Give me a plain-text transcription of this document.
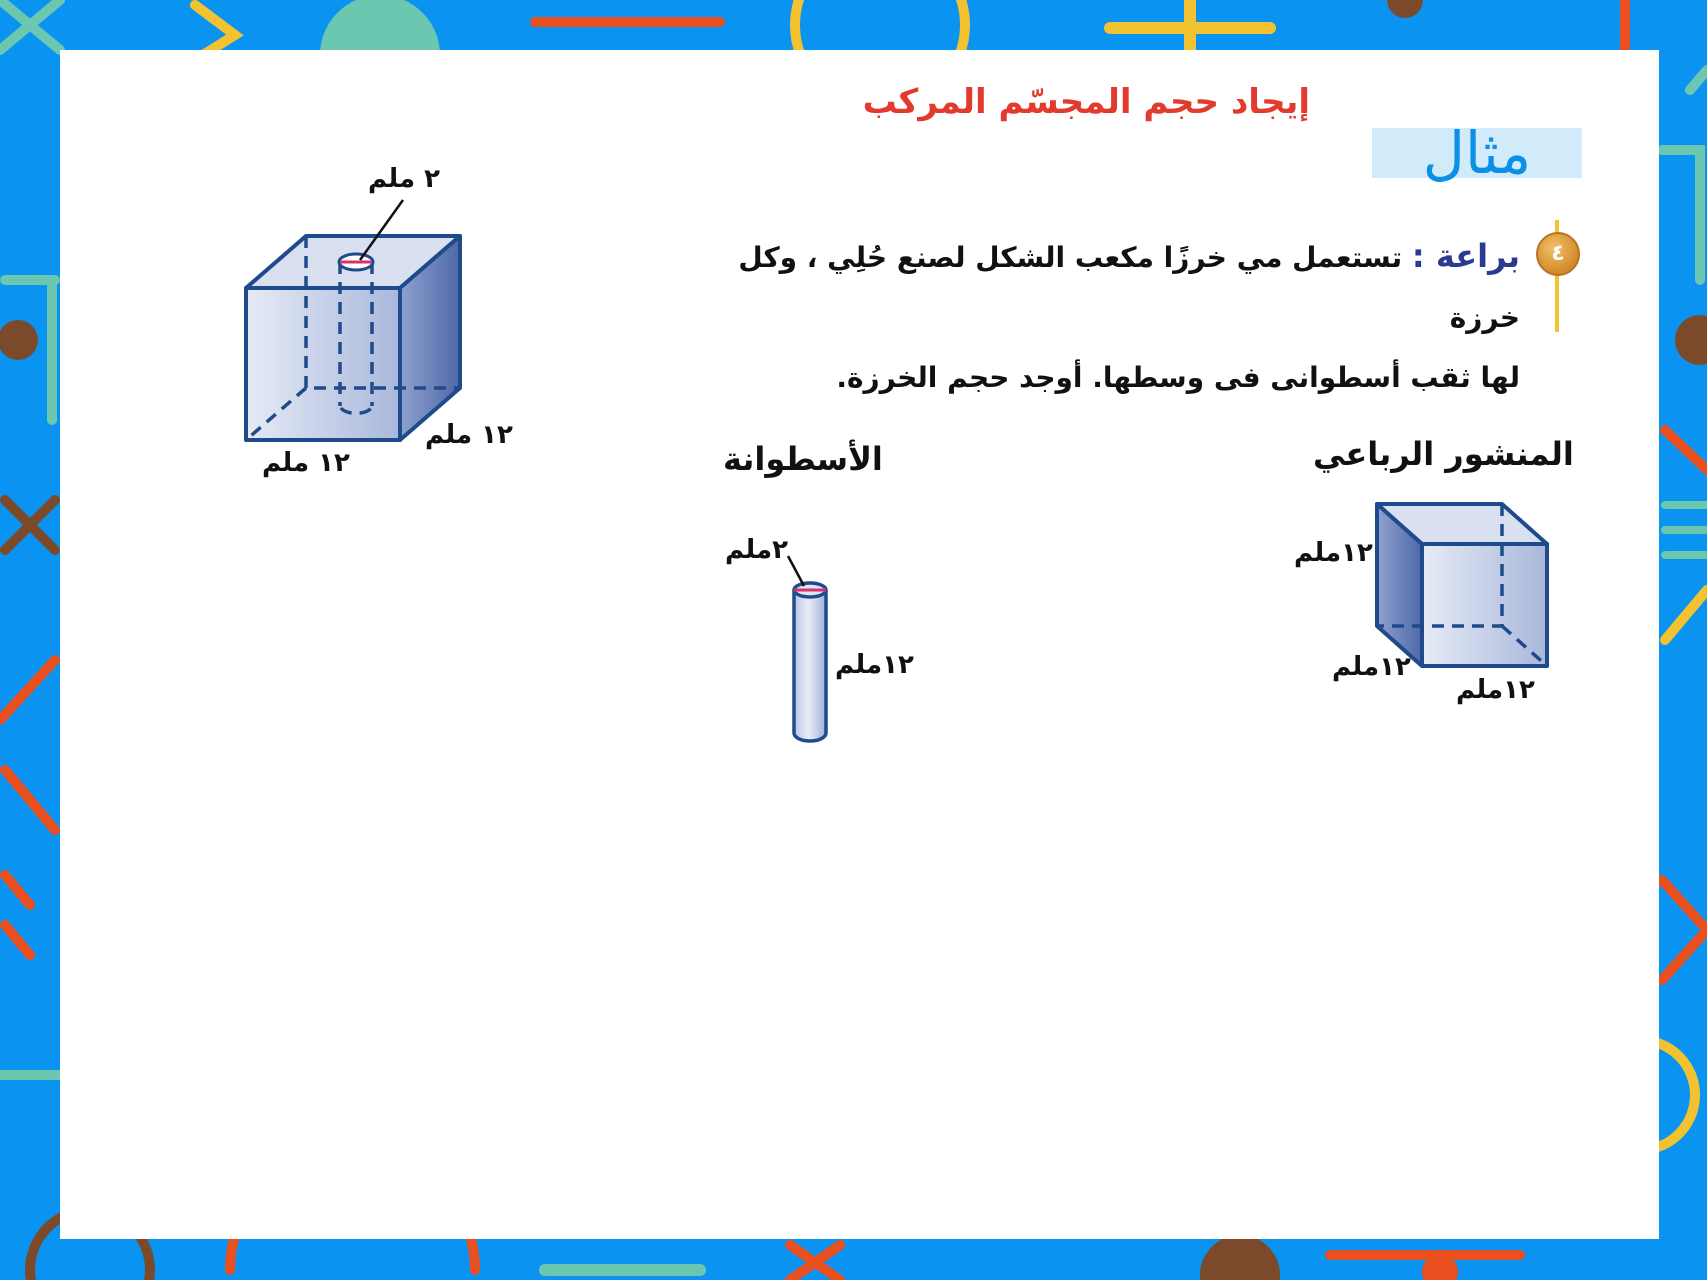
إيجاد حجم المجسّم المركب
مثال
٤
براعة : تستعمل مي خرزًا مكعب الشكل لصنع حُلِي ، وكل خرزة
لها ثقب أسطوانى فى وسطها. أوجد حجم الخرزة.
٢ ملم
١٢ ملم
١٢ ملم	الأسطوانة
٢ملم
١٢ملم
المنشور الرباعي
١٢ملم
١٢ملم
١٢ملم
